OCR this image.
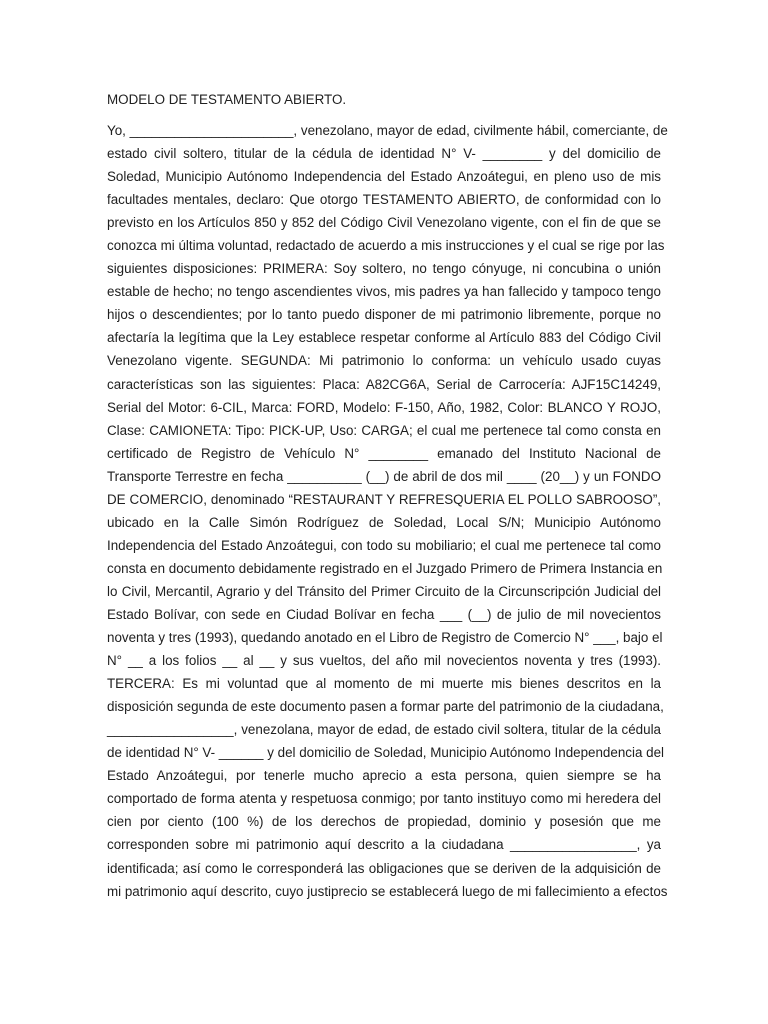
MODELO DE TESTAMENTO ABIERTO.
Yo, ______________________, venezolano, mayor de edad, civilmente hábil, comerciante, de
estado civil soltero, titular de la cédula de identidad N° V- ________ y del domicilio de
Soledad, Municipio Autónomo Independencia del Estado Anzoátegui, en pleno uso de mis
facultades mentales, declaro: Que otorgo TESTAMENTO ABIERTO, de conformidad con lo
previsto en los Artículos 850 y 852 del Código Civil Venezolano vigente, con el fin de que se
conozca mi última voluntad, redactado de acuerdo a mis instrucciones y el cual se rige por las
siguientes disposiciones: PRIMERA: Soy soltero, no tengo cónyuge, ni concubina o unión
estable de hecho; no tengo ascendientes vivos, mis padres ya han fallecido y tampoco tengo
hijos o descendientes; por lo tanto puedo disponer de mi patrimonio libremente, porque no
afectaría la legítima que la Ley establece respetar conforme al Artículo 883 del Código Civil
Venezolano vigente. SEGUNDA: Mi patrimonio lo conforma: un vehículo usado cuyas
características son las siguientes: Placa: A82CG6A, Serial de Carrocería: AJF15C14249,
Serial del Motor: 6-CIL, Marca: FORD, Modelo: F-150, Año, 1982, Color: BLANCO Y ROJO,
Clase: CAMIONETA: Tipo: PICK-UP, Uso: CARGA; el cual me pertenece tal como consta en
certificado de Registro de Vehículo N° ________ emanado del Instituto Nacional de
Transporte Terrestre en fecha __________ (__) de abril de dos mil ____ (20__) y un FONDO
DE COMERCIO, denominado “RESTAURANT Y REFRESQUERIA EL POLLO SABROOSO”,
ubicado en la Calle Simón Rodríguez de Soledad, Local S/N; Municipio Autónomo
Independencia del Estado Anzoátegui, con todo su mobiliario; el cual me pertenece tal como
consta en documento debidamente registrado en el Juzgado Primero de Primera Instancia en
lo Civil, Mercantil, Agrario y del Tránsito del Primer Circuito de la Circunscripción Judicial del
Estado Bolívar, con sede en Ciudad Bolívar en fecha ___ (__) de julio de mil novecientos
noventa y tres (1993), quedando anotado en el Libro de Registro de Comercio N° ___, bajo el
N° __ a los folios __ al __ y sus vueltos, del año mil novecientos noventa y tres (1993).
TERCERA: Es mi voluntad que al momento de mi muerte mis bienes descritos en la
disposición segunda de este documento pasen a formar parte del patrimonio de la ciudadana,
_________________, venezolana, mayor de edad, de estado civil soltera, titular de la cédula
de identidad N° V- ______ y del domicilio de Soledad, Municipio Autónomo Independencia del
Estado Anzoátegui, por tenerle mucho aprecio a esta persona, quien siempre se ha
comportado de forma atenta y respetuosa conmigo; por tanto instituyo como mi heredera del
cien por ciento (100 %) de los derechos de propiedad, dominio y posesión que me
corresponden sobre mi patrimonio aquí descrito a la ciudadana _________________, ya
identificada; así como le corresponderá las obligaciones que se deriven de la adquisición de
mi patrimonio aquí descrito, cuyo justiprecio se establecerá luego de mi fallecimiento a efectos
